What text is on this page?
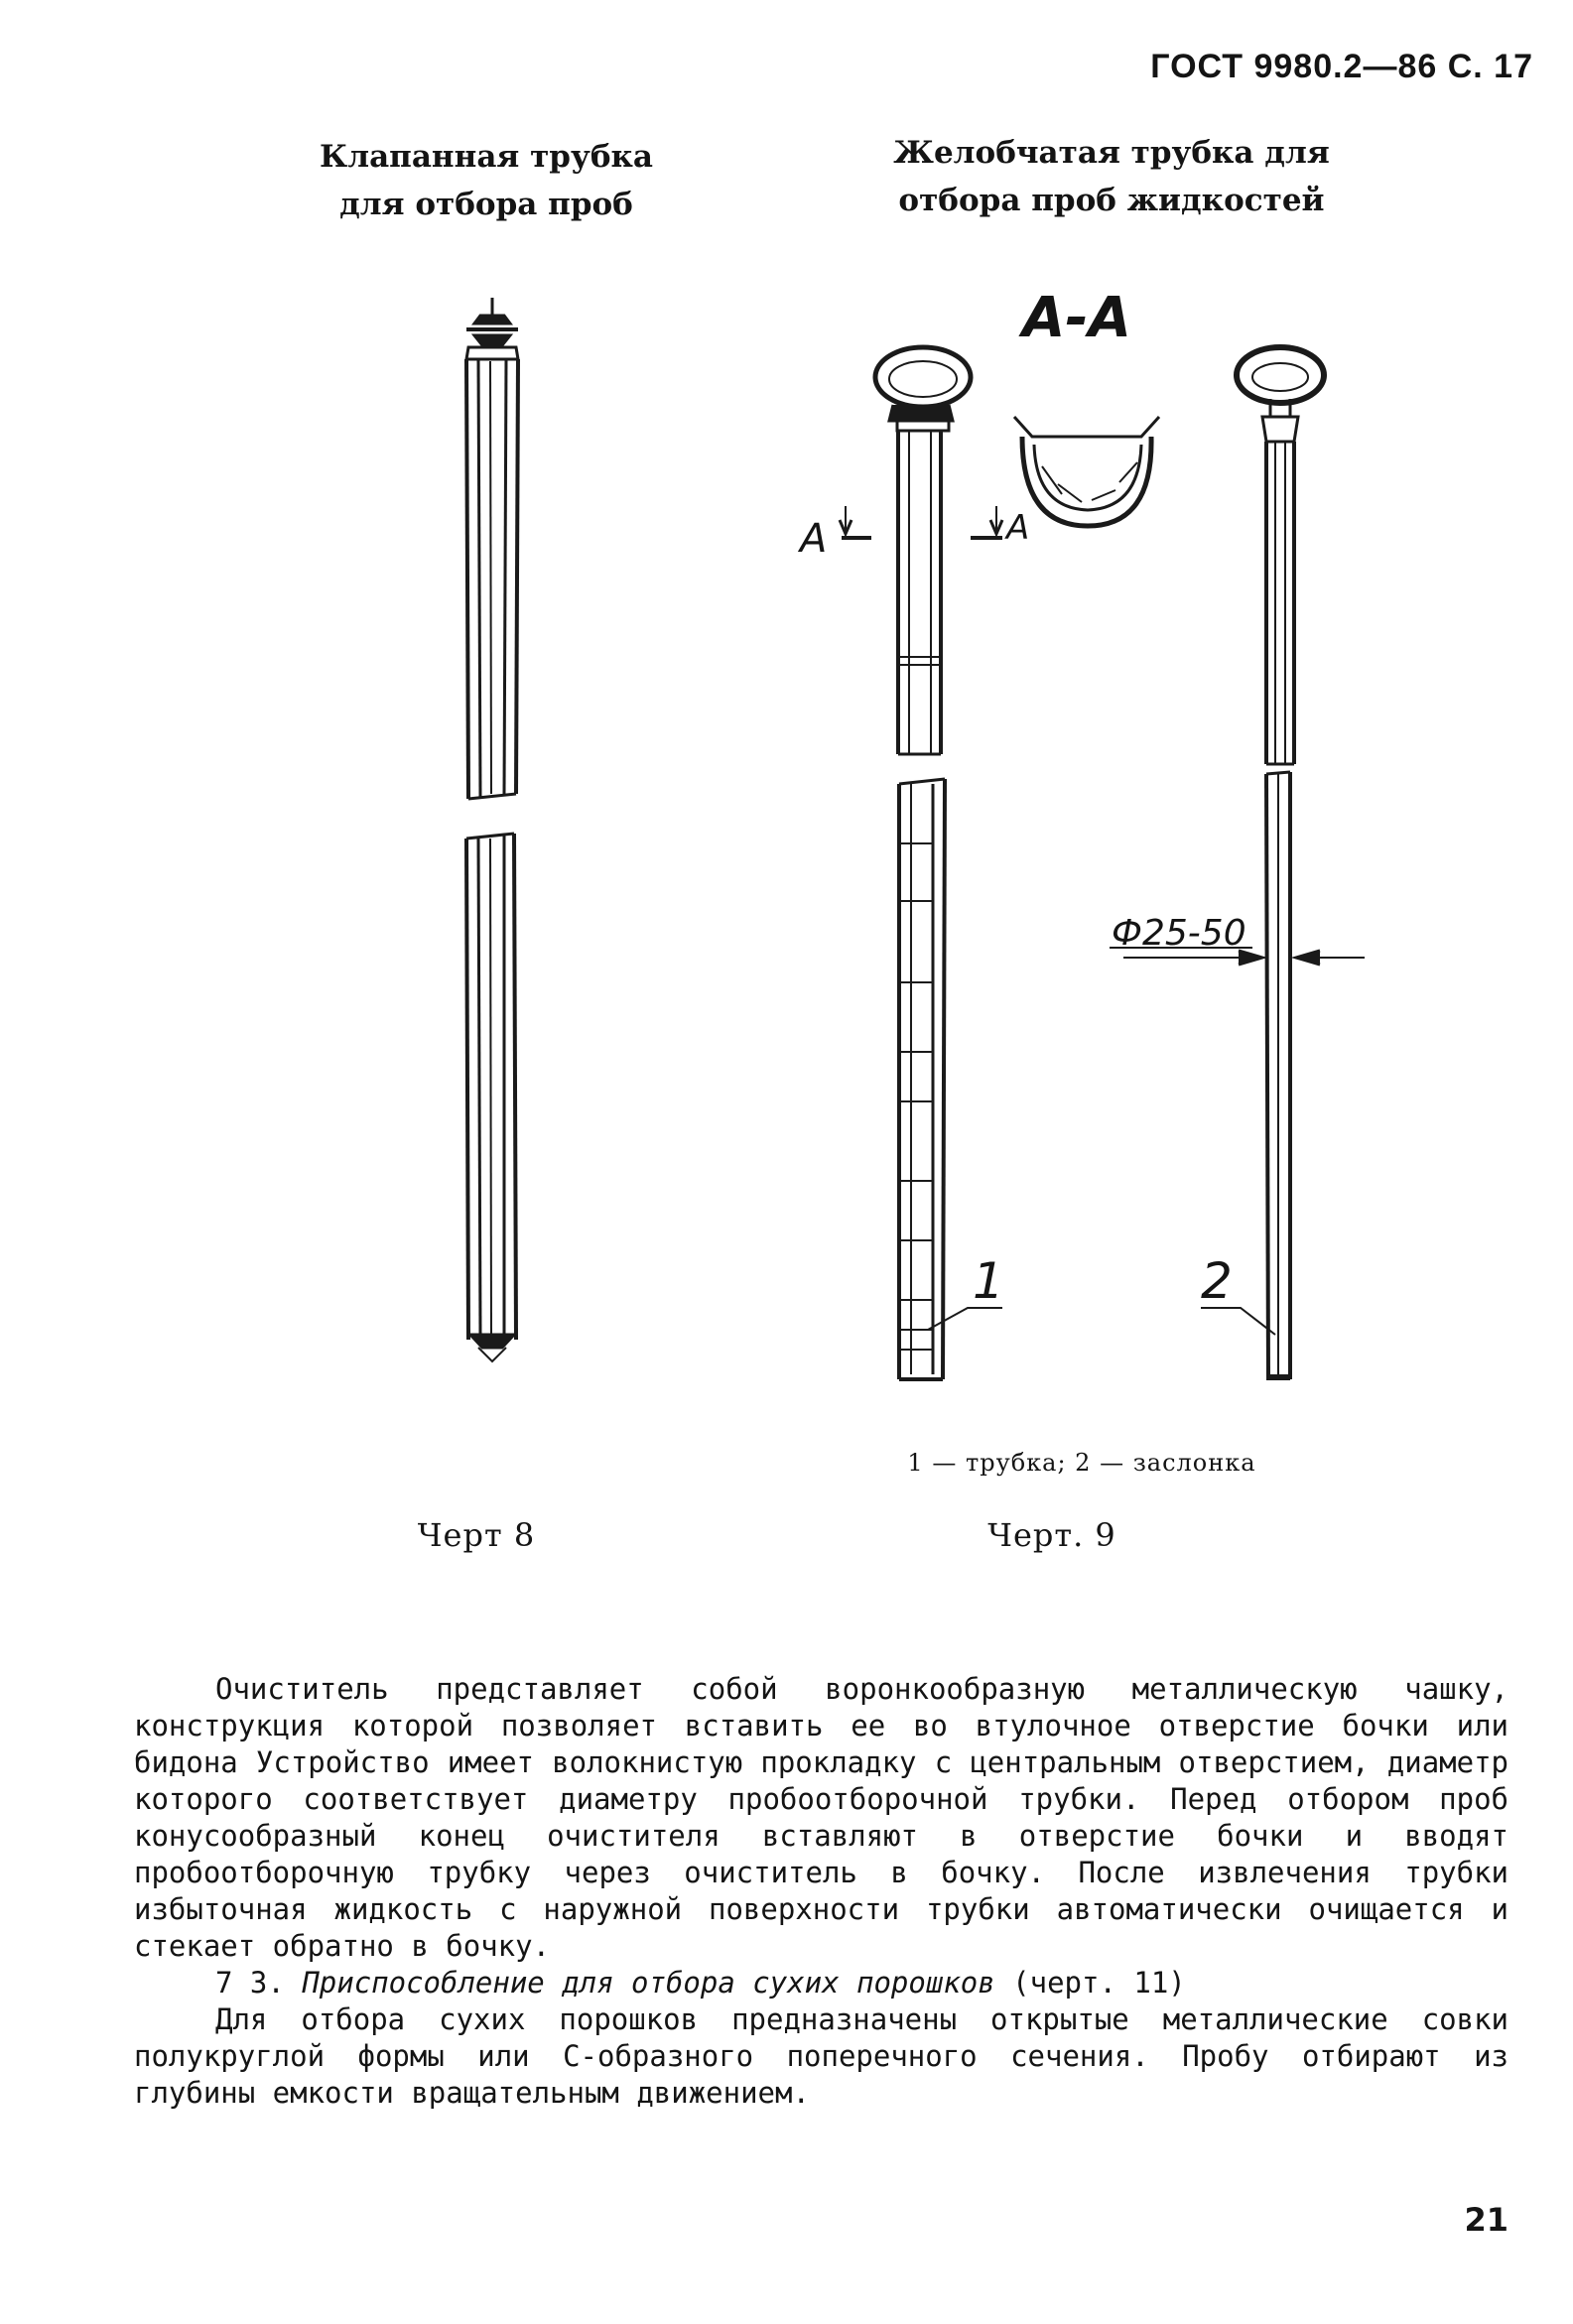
ГОСТ 9980.2—86 С. 17
Клапанная трубка
для отбора проб
Желобчатая трубка для
отбора проб жидкостей
А-А
А	А
Ф25-50
1	2
1 — трубка; 2 — заслонка
Черт 8	Черт. 9

Очиститель представляет собой воронкообразную металлическую чашку, конструкция которой позволяет вставить ее во втулочное отверстие бочки или бидона Устройство имеет волокнистую прокладку с центральным отверстием, диаметр которого соответствует диаметру пробоотборочной трубки. Перед отбором проб конусообразный конец очистителя вставляют в отверстие бочки и вводят пробоотборочную трубку через очиститель в бочку. После извлечения трубки избыточная жидкость с наружной поверхности трубки автоматически очищается и стекает обратно в бочку.

7 3. Приспособление для отбора сухих порошков (черт. 11)

Для отбора сухих порошков предназначены открытые металлические совки полукруглой формы или С-образного поперечного сечения. Пробу отбирают из глубины емкости вращательным движением.

21
